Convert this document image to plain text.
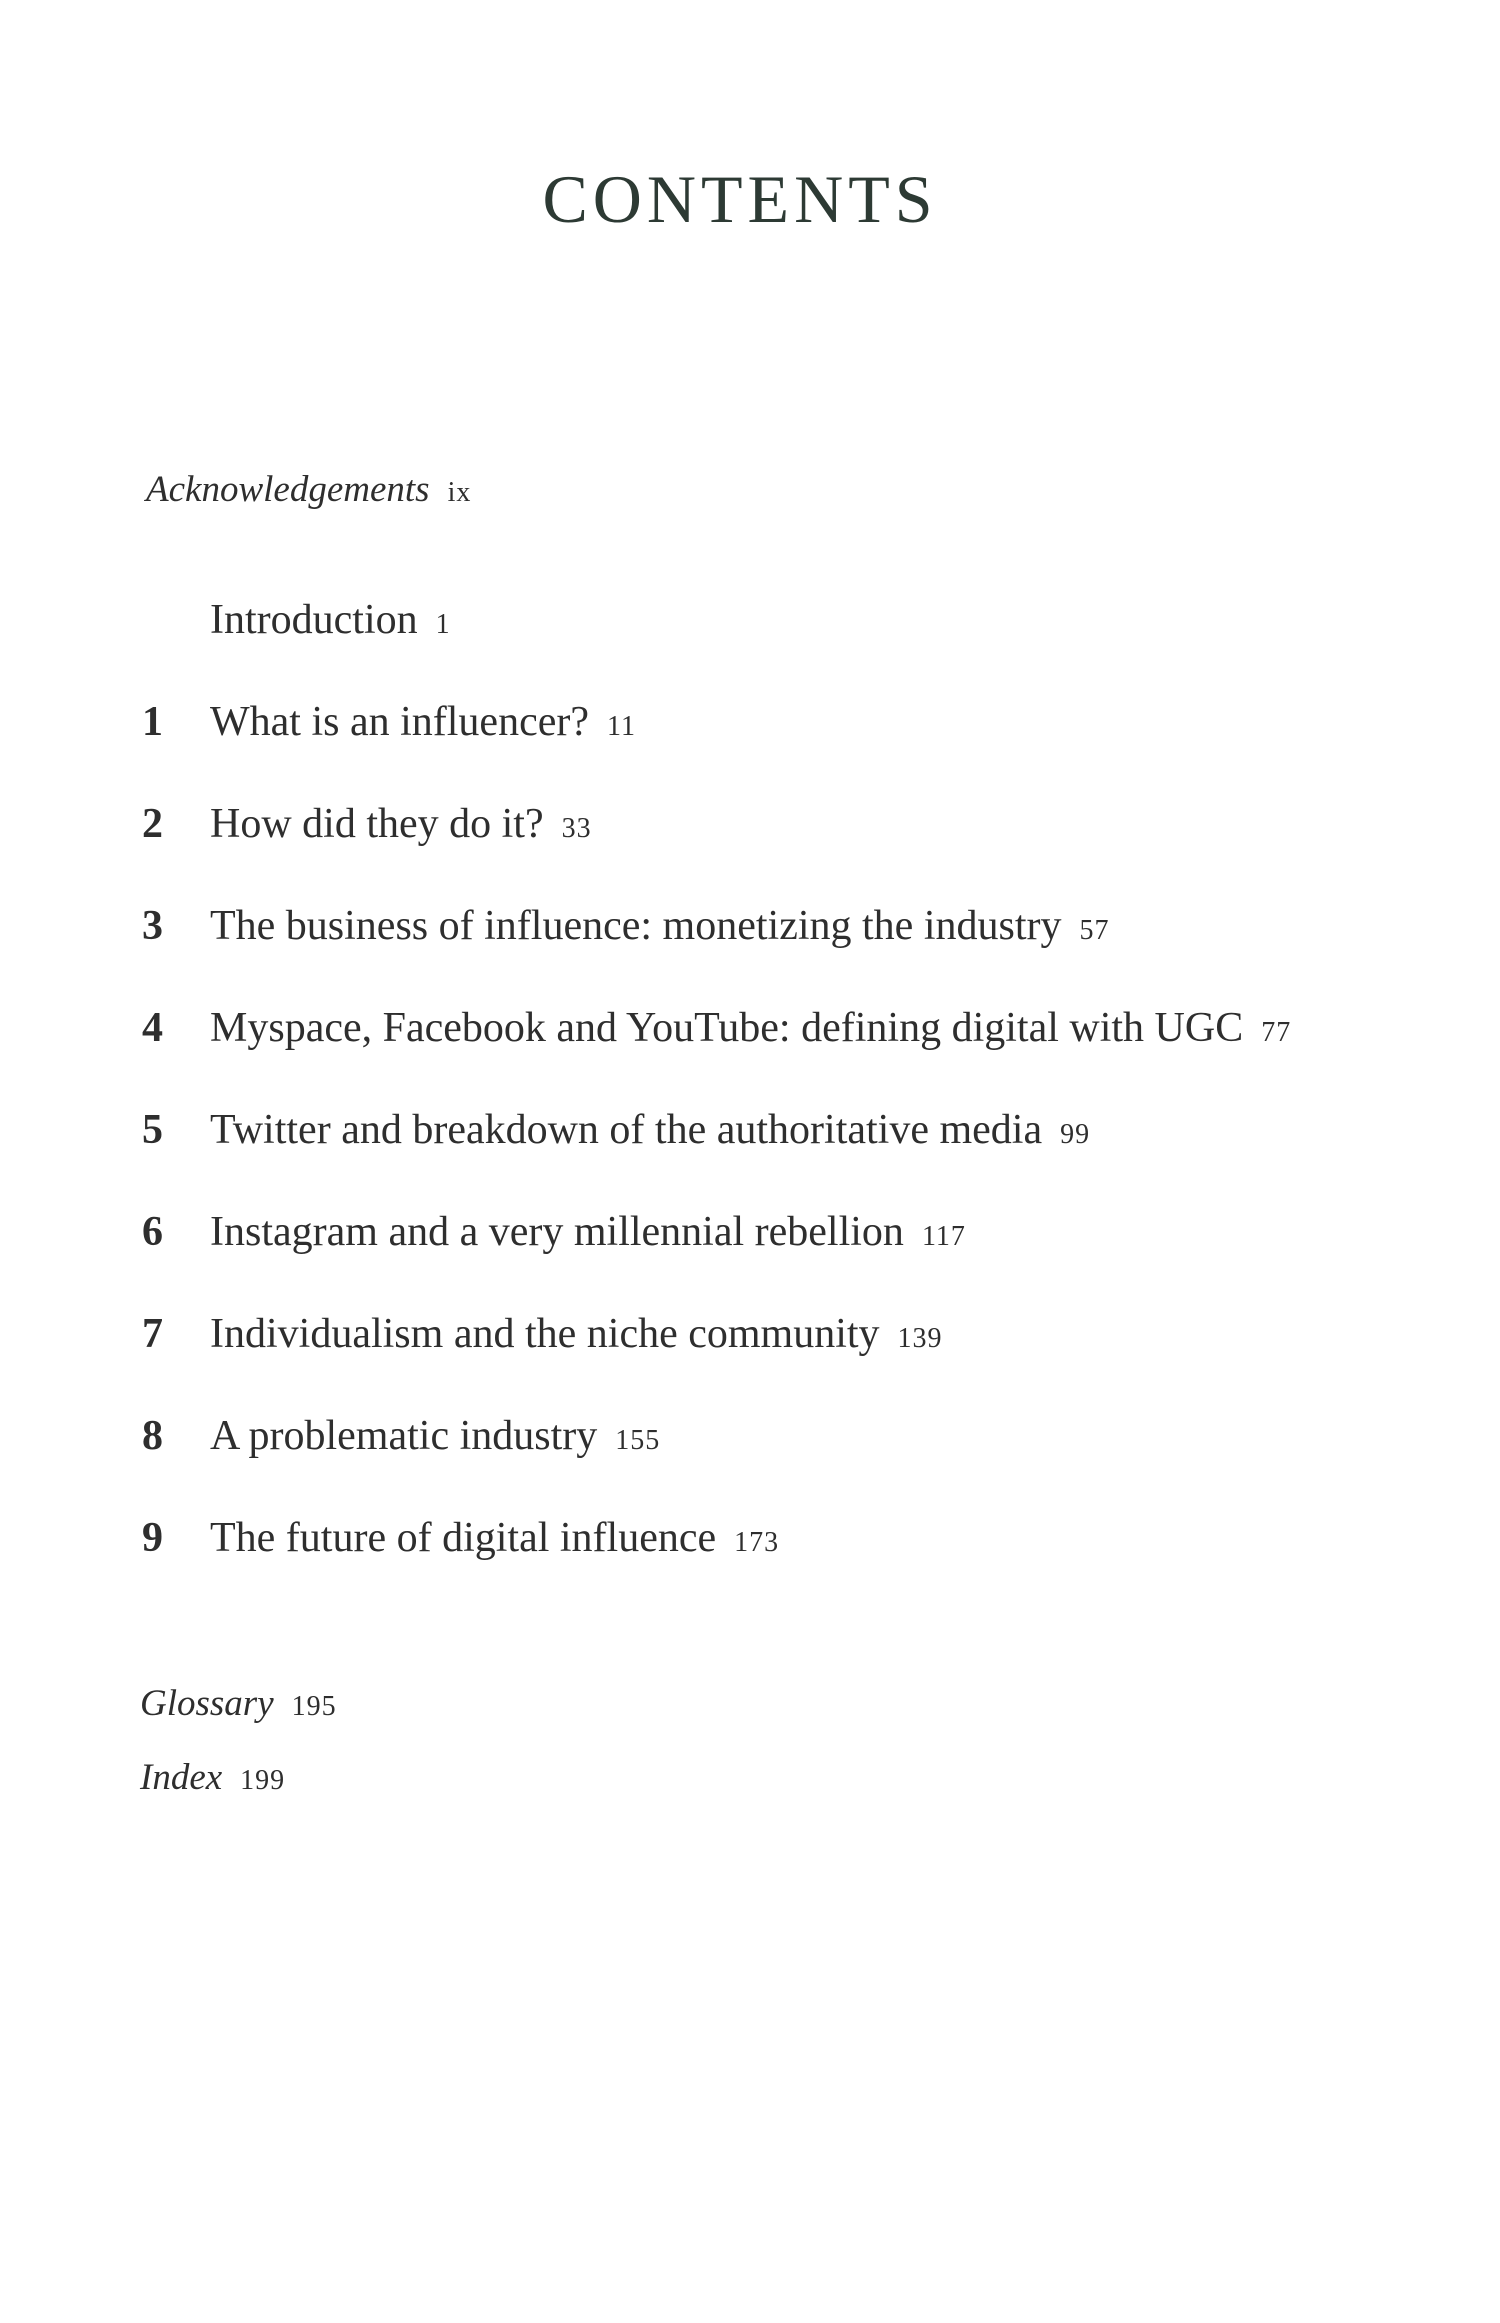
CONTENTS
Acknowledgements ix
Introduction 1
1	What is an influencer? 11
2	How did they do it? 33
3	The business of influence: monetizing the industry 57
4	Myspace, Facebook and YouTube: defining digital with UGC 77
5	Twitter and breakdown of the authoritative media 99
6	Instagram and a very millennial rebellion 117
7	Individualism and the niche community 139
8	A problematic industry 155
9	The future of digital influence 173
Glossary 195
Index 199
